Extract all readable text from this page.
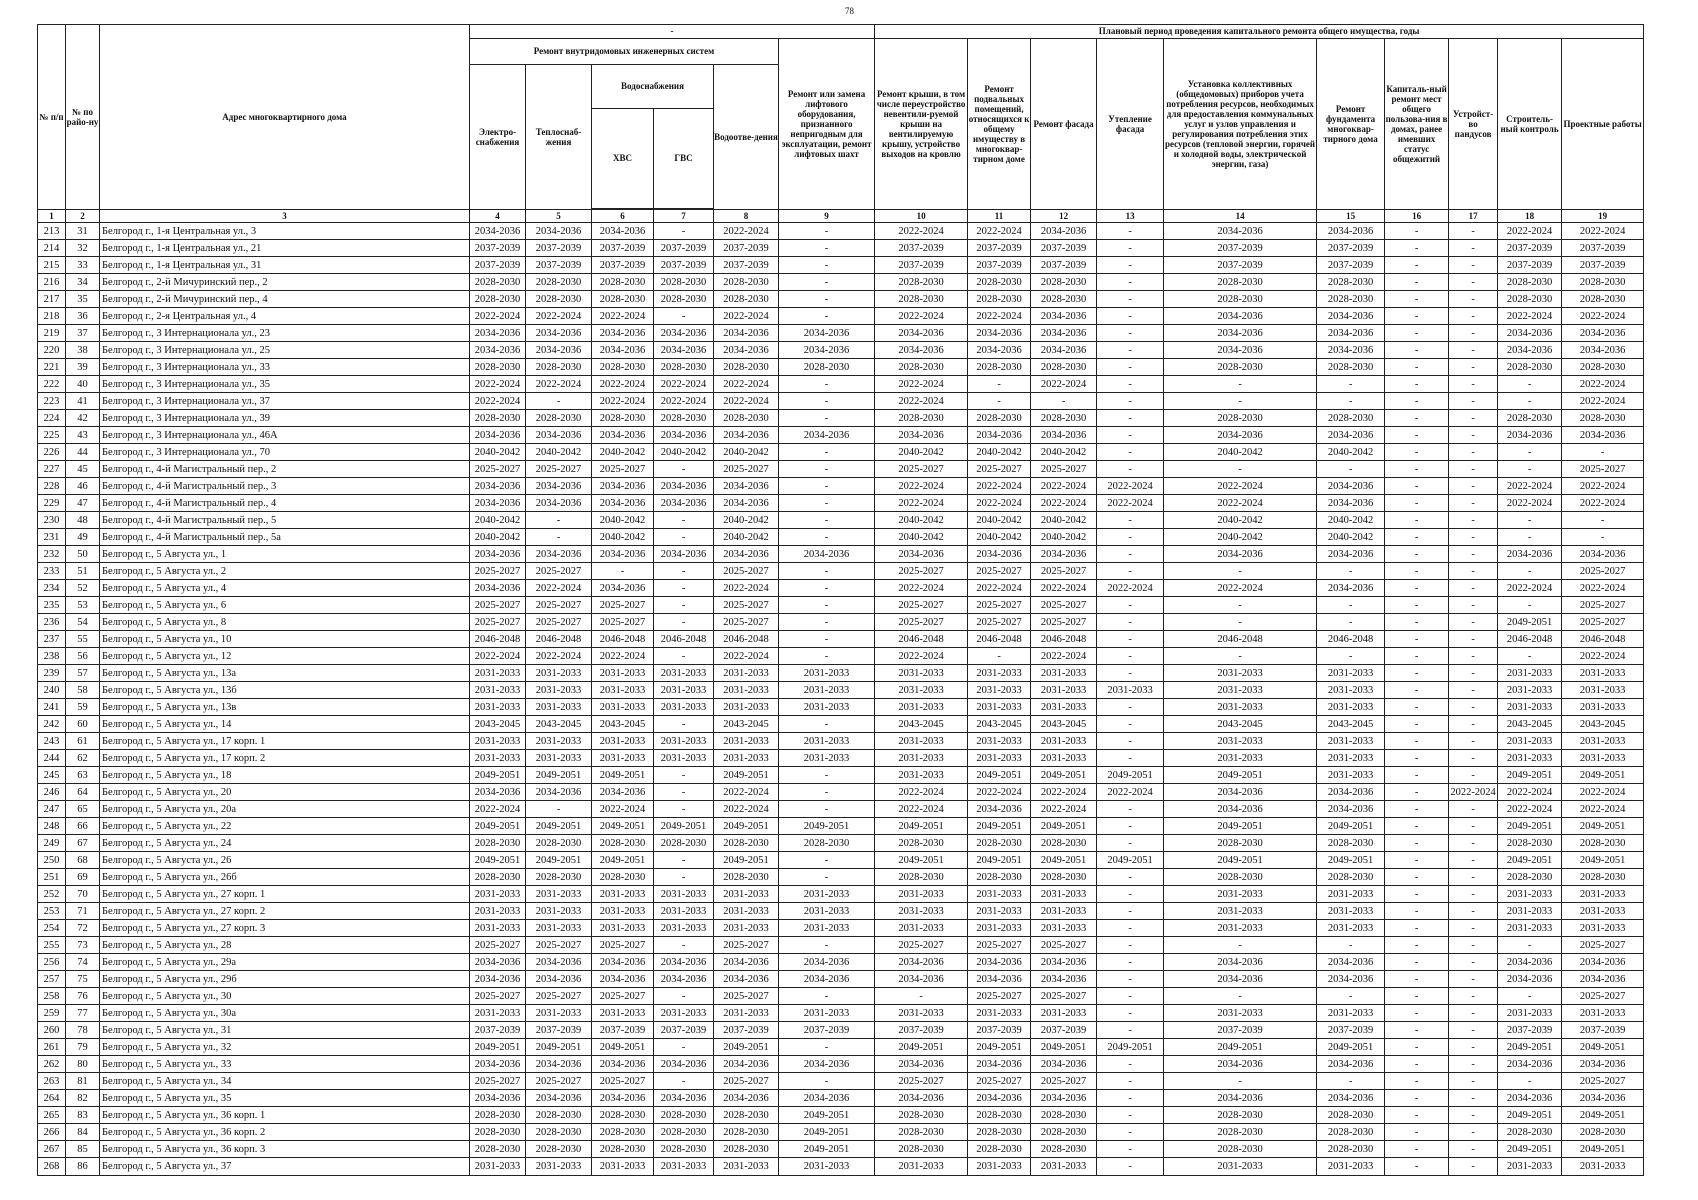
78
№ п/п	№ по райо-ну	Адрес многоквартирного дома	-						Плановый период проведения капитального ремонта общего имущества, годы									
			Ремонт внутридомовых инженерных систем					Ремонт или замена лифтового оборудования, признанного непригодным для эксплуатации, ремонт лифтовых шахт	Ремонт крыши, в том числе переустройство невентили-руемой крыши на вентилируемую крышу, устройство выходов на кровлю	Ремонт подвальных помещений, относящихся к общему имуществу в многоквар-тирном доме	Ремонт фасада	Утепление фасада	Установка коллективных (общедомовых) приборов учета потребления ресурсов, необходимых для предоставления коммунальных услуг и узлов управления и регулирования потребления этих ресурсов (тепловой энергии, горячей и холодной воды, электрической энергии, газа)	Ремонт фундамента многоквар-тирного дома	Капиталь-ный ремонт мест общего пользова-ния в домах, ранее имевших статус общежитий	Устройст-во пандусов	Строитель-ный контроль	Проектные работы
			Электро-снабжения	Теплоснаб-жения	Водоснабжения		Водоотве-дения											
					ХВС	ГВС												

1	2	3	4	5	6	7	8	9	10	11	12	13	14	15	16	17	18	19
213	31	Белгород г., 1-я Центральная ул., 3	2034-2036	2034-2036	2034-2036	-	2022-2024	-	2022-2024	2022-2024	2034-2036	-	2034-2036	2034-2036	-	-	2022-2024	2022-2024
214	32	Белгород г., 1-я Центральная ул., 21	2037-2039	2037-2039	2037-2039	2037-2039	2037-2039	-	2037-2039	2037-2039	2037-2039	-	2037-2039	2037-2039	-	-	2037-2039	2037-2039
215	33	Белгород г., 1-я Центральная ул., 31	2037-2039	2037-2039	2037-2039	2037-2039	2037-2039	-	2037-2039	2037-2039	2037-2039	-	2037-2039	2037-2039	-	-	2037-2039	2037-2039
216	34	Белгород г., 2-й Мичуринский пер., 2	2028-2030	2028-2030	2028-2030	2028-2030	2028-2030	-	2028-2030	2028-2030	2028-2030	-	2028-2030	2028-2030	-	-	2028-2030	2028-2030
217	35	Белгород г., 2-й Мичуринский пер., 4	2028-2030	2028-2030	2028-2030	2028-2030	2028-2030	-	2028-2030	2028-2030	2028-2030	-	2028-2030	2028-2030	-	-	2028-2030	2028-2030
218	36	Белгород г., 2-я Центральная ул., 4	2022-2024	2022-2024	2022-2024	-	2022-2024	-	2022-2024	2022-2024	2034-2036	-	2034-2036	2034-2036	-	-	2022-2024	2022-2024
219	37	Белгород г., 3 Интернационала ул., 23	2034-2036	2034-2036	2034-2036	2034-2036	2034-2036	2034-2036	2034-2036	2034-2036	2034-2036	-	2034-2036	2034-2036	-	-	2034-2036	2034-2036
220	38	Белгород г., 3 Интернационала ул., 25	2034-2036	2034-2036	2034-2036	2034-2036	2034-2036	2034-2036	2034-2036	2034-2036	2034-2036	-	2034-2036	2034-2036	-	-	2034-2036	2034-2036
221	39	Белгород г., 3 Интернационала ул., 33	2028-2030	2028-2030	2028-2030	2028-2030	2028-2030	2028-2030	2028-2030	2028-2030	2028-2030	-	2028-2030	2028-2030	-	-	2028-2030	2028-2030
222	40	Белгород г., 3 Интернационала ул., 35	2022-2024	2022-2024	2022-2024	2022-2024	2022-2024	-	2022-2024	-	2022-2024	-	-	-	-	-	-	2022-2024
223	41	Белгород г., 3 Интернационала ул., 37	2022-2024	-	2022-2024	2022-2024	2022-2024	-	2022-2024	-	-	-	-	-	-	-	-	2022-2024
224	42	Белгород г., 3 Интернационала ул., 39	2028-2030	2028-2030	2028-2030	2028-2030	2028-2030	-	2028-2030	2028-2030	2028-2030	-	2028-2030	2028-2030	-	-	2028-2030	2028-2030
225	43	Белгород г., 3 Интернационала ул., 46А	2034-2036	2034-2036	2034-2036	2034-2036	2034-2036	2034-2036	2034-2036	2034-2036	2034-2036	-	2034-2036	2034-2036	-	-	2034-2036	2034-2036
226	44	Белгород г., 3 Интернационала ул., 70	2040-2042	2040-2042	2040-2042	2040-2042	2040-2042	-	2040-2042	2040-2042	2040-2042	-	2040-2042	2040-2042	-	-	-	-
227	45	Белгород г., 4-й Магистральный пер., 2	2025-2027	2025-2027	2025-2027	-	2025-2027	-	2025-2027	2025-2027	2025-2027	-	-	-	-	-	-	2025-2027
228	46	Белгород г., 4-й Магистральный пер., 3	2034-2036	2034-2036	2034-2036	2034-2036	2034-2036	-	2022-2024	2022-2024	2022-2024	2022-2024	2022-2024	2034-2036	-	-	2022-2024	2022-2024
229	47	Белгород г., 4-й Магистральный пер., 4	2034-2036	2034-2036	2034-2036	2034-2036	2034-2036	-	2022-2024	2022-2024	2022-2024	2022-2024	2022-2024	2034-2036	-	-	2022-2024	2022-2024
230	48	Белгород г., 4-й Магистральный пер., 5	2040-2042	-	2040-2042	-	2040-2042	-	2040-2042	2040-2042	2040-2042	-	2040-2042	2040-2042	-	-	-	-
231	49	Белгород г., 4-й Магистральный пер., 5а	2040-2042	-	2040-2042	-	2040-2042	-	2040-2042	2040-2042	2040-2042	-	2040-2042	2040-2042	-	-	-	-
232	50	Белгород г., 5 Августа ул., 1	2034-2036	2034-2036	2034-2036	2034-2036	2034-2036	2034-2036	2034-2036	2034-2036	2034-2036	-	2034-2036	2034-2036	-	-	2034-2036	2034-2036
233	51	Белгород г., 5 Августа ул., 2	2025-2027	2025-2027	-	-	2025-2027	-	2025-2027	2025-2027	2025-2027	-	-	-	-	-	-	2025-2027
234	52	Белгород г., 5 Августа ул., 4	2034-2036	2022-2024	2034-2036	-	2022-2024	-	2022-2024	2022-2024	2022-2024	2022-2024	2022-2024	2034-2036	-	-	2022-2024	2022-2024
235	53	Белгород г., 5 Августа ул., 6	2025-2027	2025-2027	2025-2027	-	2025-2027	-	2025-2027	2025-2027	2025-2027	-	-	-	-	-	-	2025-2027
236	54	Белгород г., 5 Августа ул., 8	2025-2027	2025-2027	2025-2027	-	2025-2027	-	2025-2027	2025-2027	2025-2027	-	-	-	-	-	2049-2051	2025-2027
237	55	Белгород г., 5 Августа ул., 10	2046-2048	2046-2048	2046-2048	2046-2048	2046-2048	-	2046-2048	2046-2048	2046-2048	-	2046-2048	2046-2048	-	-	2046-2048	2046-2048
238	56	Белгород г., 5 Августа ул., 12	2022-2024	2022-2024	2022-2024	-	2022-2024	-	2022-2024	-	2022-2024	-	-	-	-	-	-	2022-2024
239	57	Белгород г., 5 Августа ул., 13а	2031-2033	2031-2033	2031-2033	2031-2033	2031-2033	2031-2033	2031-2033	2031-2033	2031-2033	-	2031-2033	2031-2033	-	-	2031-2033	2031-2033
240	58	Белгород г., 5 Августа ул., 13б	2031-2033	2031-2033	2031-2033	2031-2033	2031-2033	2031-2033	2031-2033	2031-2033	2031-2033	2031-2033	2031-2033	2031-2033	-	-	2031-2033	2031-2033
241	59	Белгород г., 5 Августа ул., 13в	2031-2033	2031-2033	2031-2033	2031-2033	2031-2033	2031-2033	2031-2033	2031-2033	2031-2033	-	2031-2033	2031-2033	-	-	2031-2033	2031-2033
242	60	Белгород г., 5 Августа ул., 14	2043-2045	2043-2045	2043-2045	-	2043-2045	-	2043-2045	2043-2045	2043-2045	-	2043-2045	2043-2045	-	-	2043-2045	2043-2045
243	61	Белгород г., 5 Августа ул., 17 корп. 1	2031-2033	2031-2033	2031-2033	2031-2033	2031-2033	2031-2033	2031-2033	2031-2033	2031-2033	-	2031-2033	2031-2033	-	-	2031-2033	2031-2033
244	62	Белгород г., 5 Августа ул., 17 корп. 2	2031-2033	2031-2033	2031-2033	2031-2033	2031-2033	2031-2033	2031-2033	2031-2033	2031-2033	-	2031-2033	2031-2033	-	-	2031-2033	2031-2033
245	63	Белгород г., 5 Августа ул., 18	2049-2051	2049-2051	2049-2051	-	2049-2051	-	2031-2033	2049-2051	2049-2051	2049-2051	2049-2051	2031-2033	-	-	2049-2051	2049-2051
246	64	Белгород г., 5 Августа ул., 20	2034-2036	2034-2036	2034-2036	-	2022-2024	-	2022-2024	2022-2024	2022-2024	2022-2024	2034-2036	2034-2036	-	2022-2024	2022-2024	2022-2024
247	65	Белгород г., 5 Августа ул., 20а	2022-2024	-	2022-2024	-	2022-2024	-	2022-2024	2034-2036	2022-2024	-	2034-2036	2034-2036	-	-	2022-2024	2022-2024
248	66	Белгород г., 5 Августа ул., 22	2049-2051	2049-2051	2049-2051	2049-2051	2049-2051	2049-2051	2049-2051	2049-2051	2049-2051	-	2049-2051	2049-2051	-	-	2049-2051	2049-2051
249	67	Белгород г., 5 Августа ул., 24	2028-2030	2028-2030	2028-2030	2028-2030	2028-2030	2028-2030	2028-2030	2028-2030	2028-2030	-	2028-2030	2028-2030	-	-	2028-2030	2028-2030
250	68	Белгород г., 5 Августа ул., 26	2049-2051	2049-2051	2049-2051	-	2049-2051	-	2049-2051	2049-2051	2049-2051	2049-2051	2049-2051	2049-2051	-	-	2049-2051	2049-2051
251	69	Белгород г., 5 Августа ул., 26б	2028-2030	2028-2030	2028-2030	-	2028-2030	-	2028-2030	2028-2030	2028-2030	-	2028-2030	2028-2030	-	-	2028-2030	2028-2030
252	70	Белгород г., 5 Августа ул., 27 корп. 1	2031-2033	2031-2033	2031-2033	2031-2033	2031-2033	2031-2033	2031-2033	2031-2033	2031-2033	-	2031-2033	2031-2033	-	-	2031-2033	2031-2033
253	71	Белгород г., 5 Августа ул., 27 корп. 2	2031-2033	2031-2033	2031-2033	2031-2033	2031-2033	2031-2033	2031-2033	2031-2033	2031-2033	-	2031-2033	2031-2033	-	-	2031-2033	2031-2033
254	72	Белгород г., 5 Августа ул., 27 корп. 3	2031-2033	2031-2033	2031-2033	2031-2033	2031-2033	2031-2033	2031-2033	2031-2033	2031-2033	-	2031-2033	2031-2033	-	-	2031-2033	2031-2033
255	73	Белгород г., 5 Августа ул., 28	2025-2027	2025-2027	2025-2027	-	2025-2027	-	2025-2027	2025-2027	2025-2027	-	-	-	-	-	-	2025-2027
256	74	Белгород г., 5 Августа ул., 29а	2034-2036	2034-2036	2034-2036	2034-2036	2034-2036	2034-2036	2034-2036	2034-2036	2034-2036	-	2034-2036	2034-2036	-	-	2034-2036	2034-2036
257	75	Белгород г., 5 Августа ул., 29б	2034-2036	2034-2036	2034-2036	2034-2036	2034-2036	2034-2036	2034-2036	2034-2036	2034-2036	-	2034-2036	2034-2036	-	-	2034-2036	2034-2036
258	76	Белгород г., 5 Августа ул., 30	2025-2027	2025-2027	2025-2027	-	2025-2027	-	-	2025-2027	2025-2027	-	-	-	-	-	-	2025-2027
259	77	Белгород г., 5 Августа ул., 30а	2031-2033	2031-2033	2031-2033	2031-2033	2031-2033	2031-2033	2031-2033	2031-2033	2031-2033	-	2031-2033	2031-2033	-	-	2031-2033	2031-2033
260	78	Белгород г., 5 Августа ул., 31	2037-2039	2037-2039	2037-2039	2037-2039	2037-2039	2037-2039	2037-2039	2037-2039	2037-2039	-	2037-2039	2037-2039	-	-	2037-2039	2037-2039
261	79	Белгород г., 5 Августа ул., 32	2049-2051	2049-2051	2049-2051	-	2049-2051	-	2049-2051	2049-2051	2049-2051	2049-2051	2049-2051	2049-2051	-	-	2049-2051	2049-2051
262	80	Белгород г., 5 Августа ул., 33	2034-2036	2034-2036	2034-2036	2034-2036	2034-2036	2034-2036	2034-2036	2034-2036	2034-2036	-	2034-2036	2034-2036	-	-	2034-2036	2034-2036
263	81	Белгород г., 5 Августа ул., 34	2025-2027	2025-2027	2025-2027	-	2025-2027	-	2025-2027	2025-2027	2025-2027	-	-	-	-	-	-	2025-2027
264	82	Белгород г., 5 Августа ул., 35	2034-2036	2034-2036	2034-2036	2034-2036	2034-2036	2034-2036	2034-2036	2034-2036	2034-2036	-	2034-2036	2034-2036	-	-	2034-2036	2034-2036
265	83	Белгород г., 5 Августа ул., 36 корп. 1	2028-2030	2028-2030	2028-2030	2028-2030	2028-2030	2049-2051	2028-2030	2028-2030	2028-2030	-	2028-2030	2028-2030	-	-	2049-2051	2049-2051
266	84	Белгород г., 5 Августа ул., 36 корп. 2	2028-2030	2028-2030	2028-2030	2028-2030	2028-2030	2049-2051	2028-2030	2028-2030	2028-2030	-	2028-2030	2028-2030	-	-	2028-2030	2028-2030
267	85	Белгород г., 5 Августа ул., 36 корп. 3	2028-2030	2028-2030	2028-2030	2028-2030	2028-2030	2049-2051	2028-2030	2028-2030	2028-2030	-	2028-2030	2028-2030	-	-	2049-2051	2049-2051
268	86	Белгород г., 5 Августа ул., 37	2031-2033	2031-2033	2031-2033	2031-2033	2031-2033	2031-2033	2031-2033	2031-2033	2031-2033	-	2031-2033	2031-2033	-	-	2031-2033	2031-2033
